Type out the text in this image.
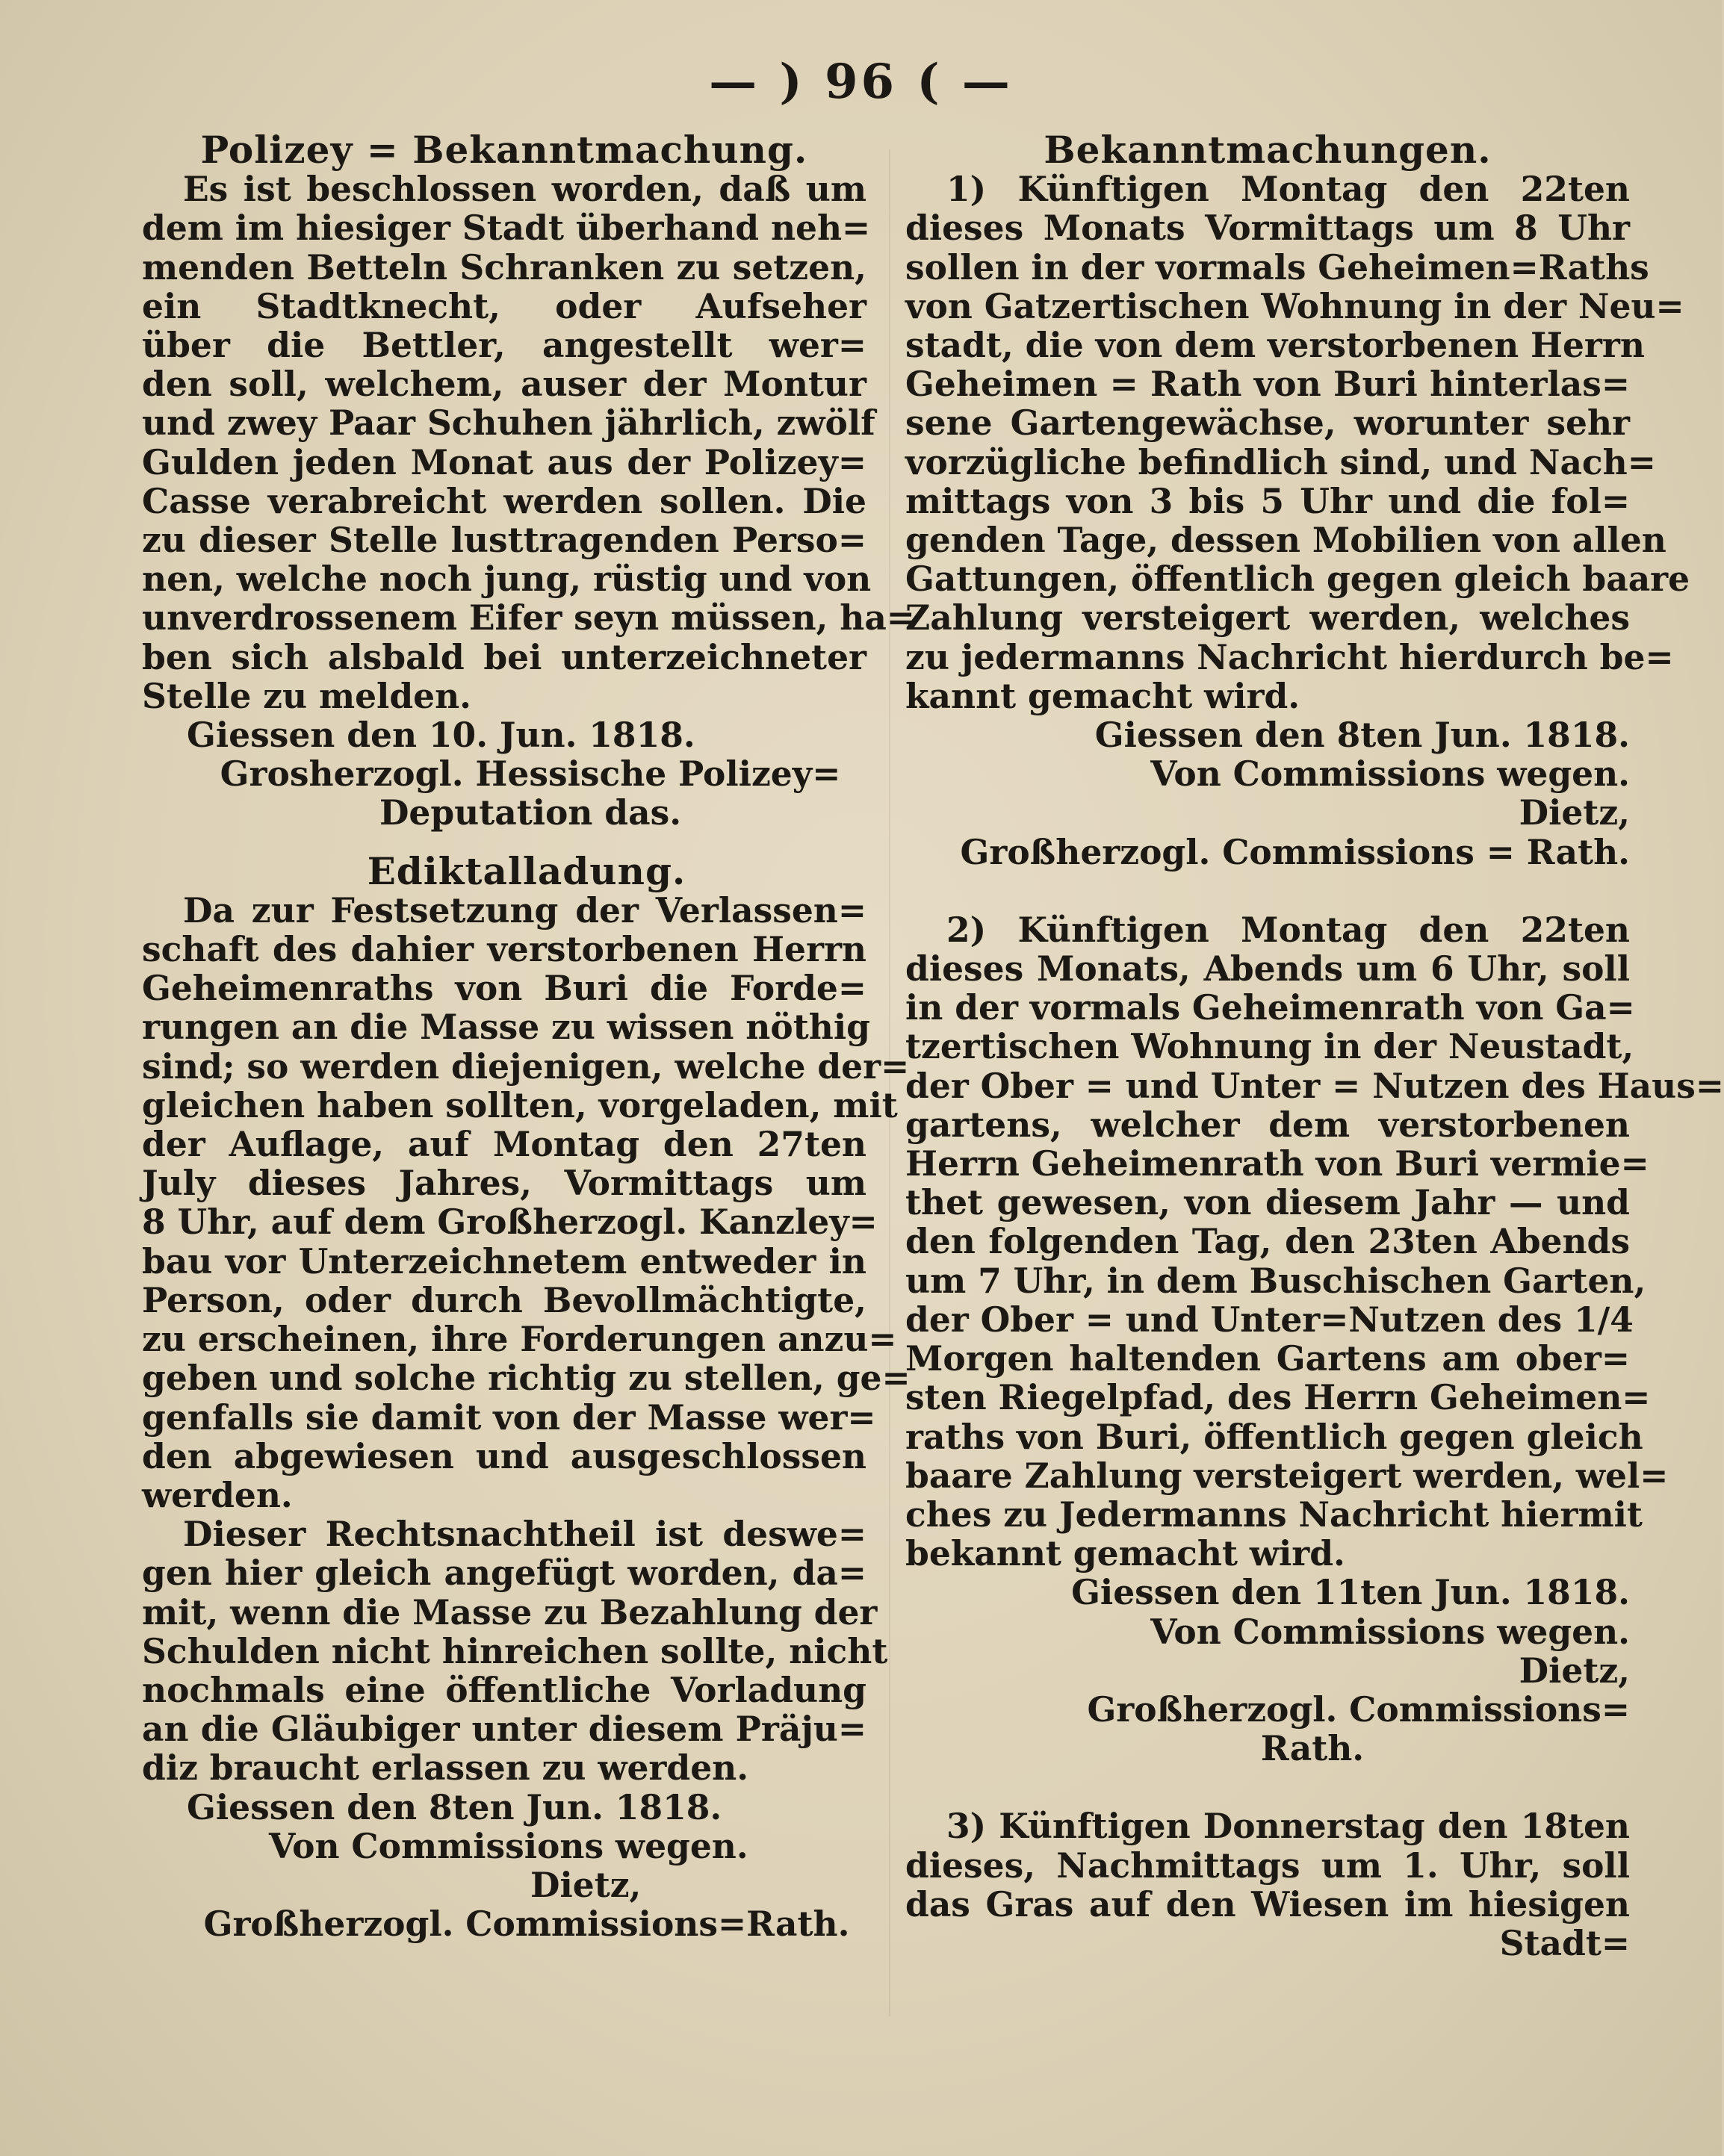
— ) 96 ( —
Polizey = Bekanntmachung.
Es ist beschlossen worden, daß um
dem im hiesiger Stadt überhand neh=
menden Betteln Schranken zu setzen,
ein Stadtknecht, oder Aufseher
über die Bettler, angestellt wer=
den soll, welchem, auser der Montur
und zwey Paar Schuhen jährlich, zwölf
Gulden jeden Monat aus der Polizey=
Casse verabreicht werden sollen. Die
zu dieser Stelle lusttragenden Perso=
nen, welche noch jung, rüstig und von
unverdrossenem Eifer seyn müssen, ha=
ben sich alsbald bei unterzeichneter
Stelle zu melden.
Giessen den 10. Jun. 1818.
Grosherzogl. Hessische Polizey=
Deputation das.
Ediktalladung.
Da zur Festsetzung der Verlassen=
schaft des dahier verstorbenen Herrn
Geheimenraths von Buri die Forde=
rungen an die Masse zu wissen nöthig
sind; so werden diejenigen, welche der=
gleichen haben sollten, vorgeladen, mit
der Auflage, auf Montag den 27ten
July dieses Jahres, Vormittags um
8 Uhr, auf dem Großherzogl. Kanzley=
bau vor Unterzeichnetem entweder in
Person, oder durch Bevollmächtigte,
zu erscheinen, ihre Forderungen anzu=
geben und solche richtig zu stellen, ge=
genfalls sie damit von der Masse wer=
den abgewiesen und ausgeschlossen
werden.
Dieser Rechtsnachtheil ist deswe=
gen hier gleich angefügt worden, da=
mit, wenn die Masse zu Bezahlung der
Schulden nicht hinreichen sollte, nicht
nochmals eine öffentliche Vorladung
an die Gläubiger unter diesem Präju=
diz braucht erlassen zu werden.
Giessen den 8ten Jun. 1818.
Von Commissions wegen.
Dietz,
Großherzogl. Commissions=Rath.
Bekanntmachungen.
1) Künftigen Montag den 22ten
dieses Monats Vormittags um 8 Uhr
sollen in der vormals Geheimen=Raths
von Gatzertischen Wohnung in der Neu=
stadt, die von dem verstorbenen Herrn
Geheimen = Rath von Buri hinterlas=
sene Gartengewächse, worunter sehr
vorzügliche befindlich sind, und Nach=
mittags von 3 bis 5 Uhr und die fol=
genden Tage, dessen Mobilien von allen
Gattungen, öffentlich gegen gleich baare
Zahlung versteigert werden, welches
zu jedermanns Nachricht hierdurch be=
kannt gemacht wird.
Giessen den 8ten Jun. 1818.
Von Commissions wegen.
Dietz,
Großherzogl. Commissions = Rath.
2) Künftigen Montag den 22ten
dieses Monats, Abends um 6 Uhr, soll
in der vormals Geheimenrath von Ga=
tzertischen Wohnung in der Neustadt,
der Ober = und Unter = Nutzen des Haus=
gartens, welcher dem verstorbenen
Herrn Geheimenrath von Buri vermie=
thet gewesen, von diesem Jahr — und
den folgenden Tag, den 23ten Abends
um 7 Uhr, in dem Buschischen Garten,
der Ober = und Unter=Nutzen des 1/4
Morgen haltenden Gartens am ober=
sten Riegelpfad, des Herrn Geheimen=
raths von Buri, öffentlich gegen gleich
baare Zahlung versteigert werden, wel=
ches zu Jedermanns Nachricht hiermit
bekannt gemacht wird.
Giessen den 11ten Jun. 1818.
Von Commissions wegen.
Dietz,
Großherzogl. Commissions=
Rath.
3) Künftigen Donnerstag den 18ten
dieses, Nachmittags um 1. Uhr, soll
das Gras auf den Wiesen im hiesigen
Stadt=
